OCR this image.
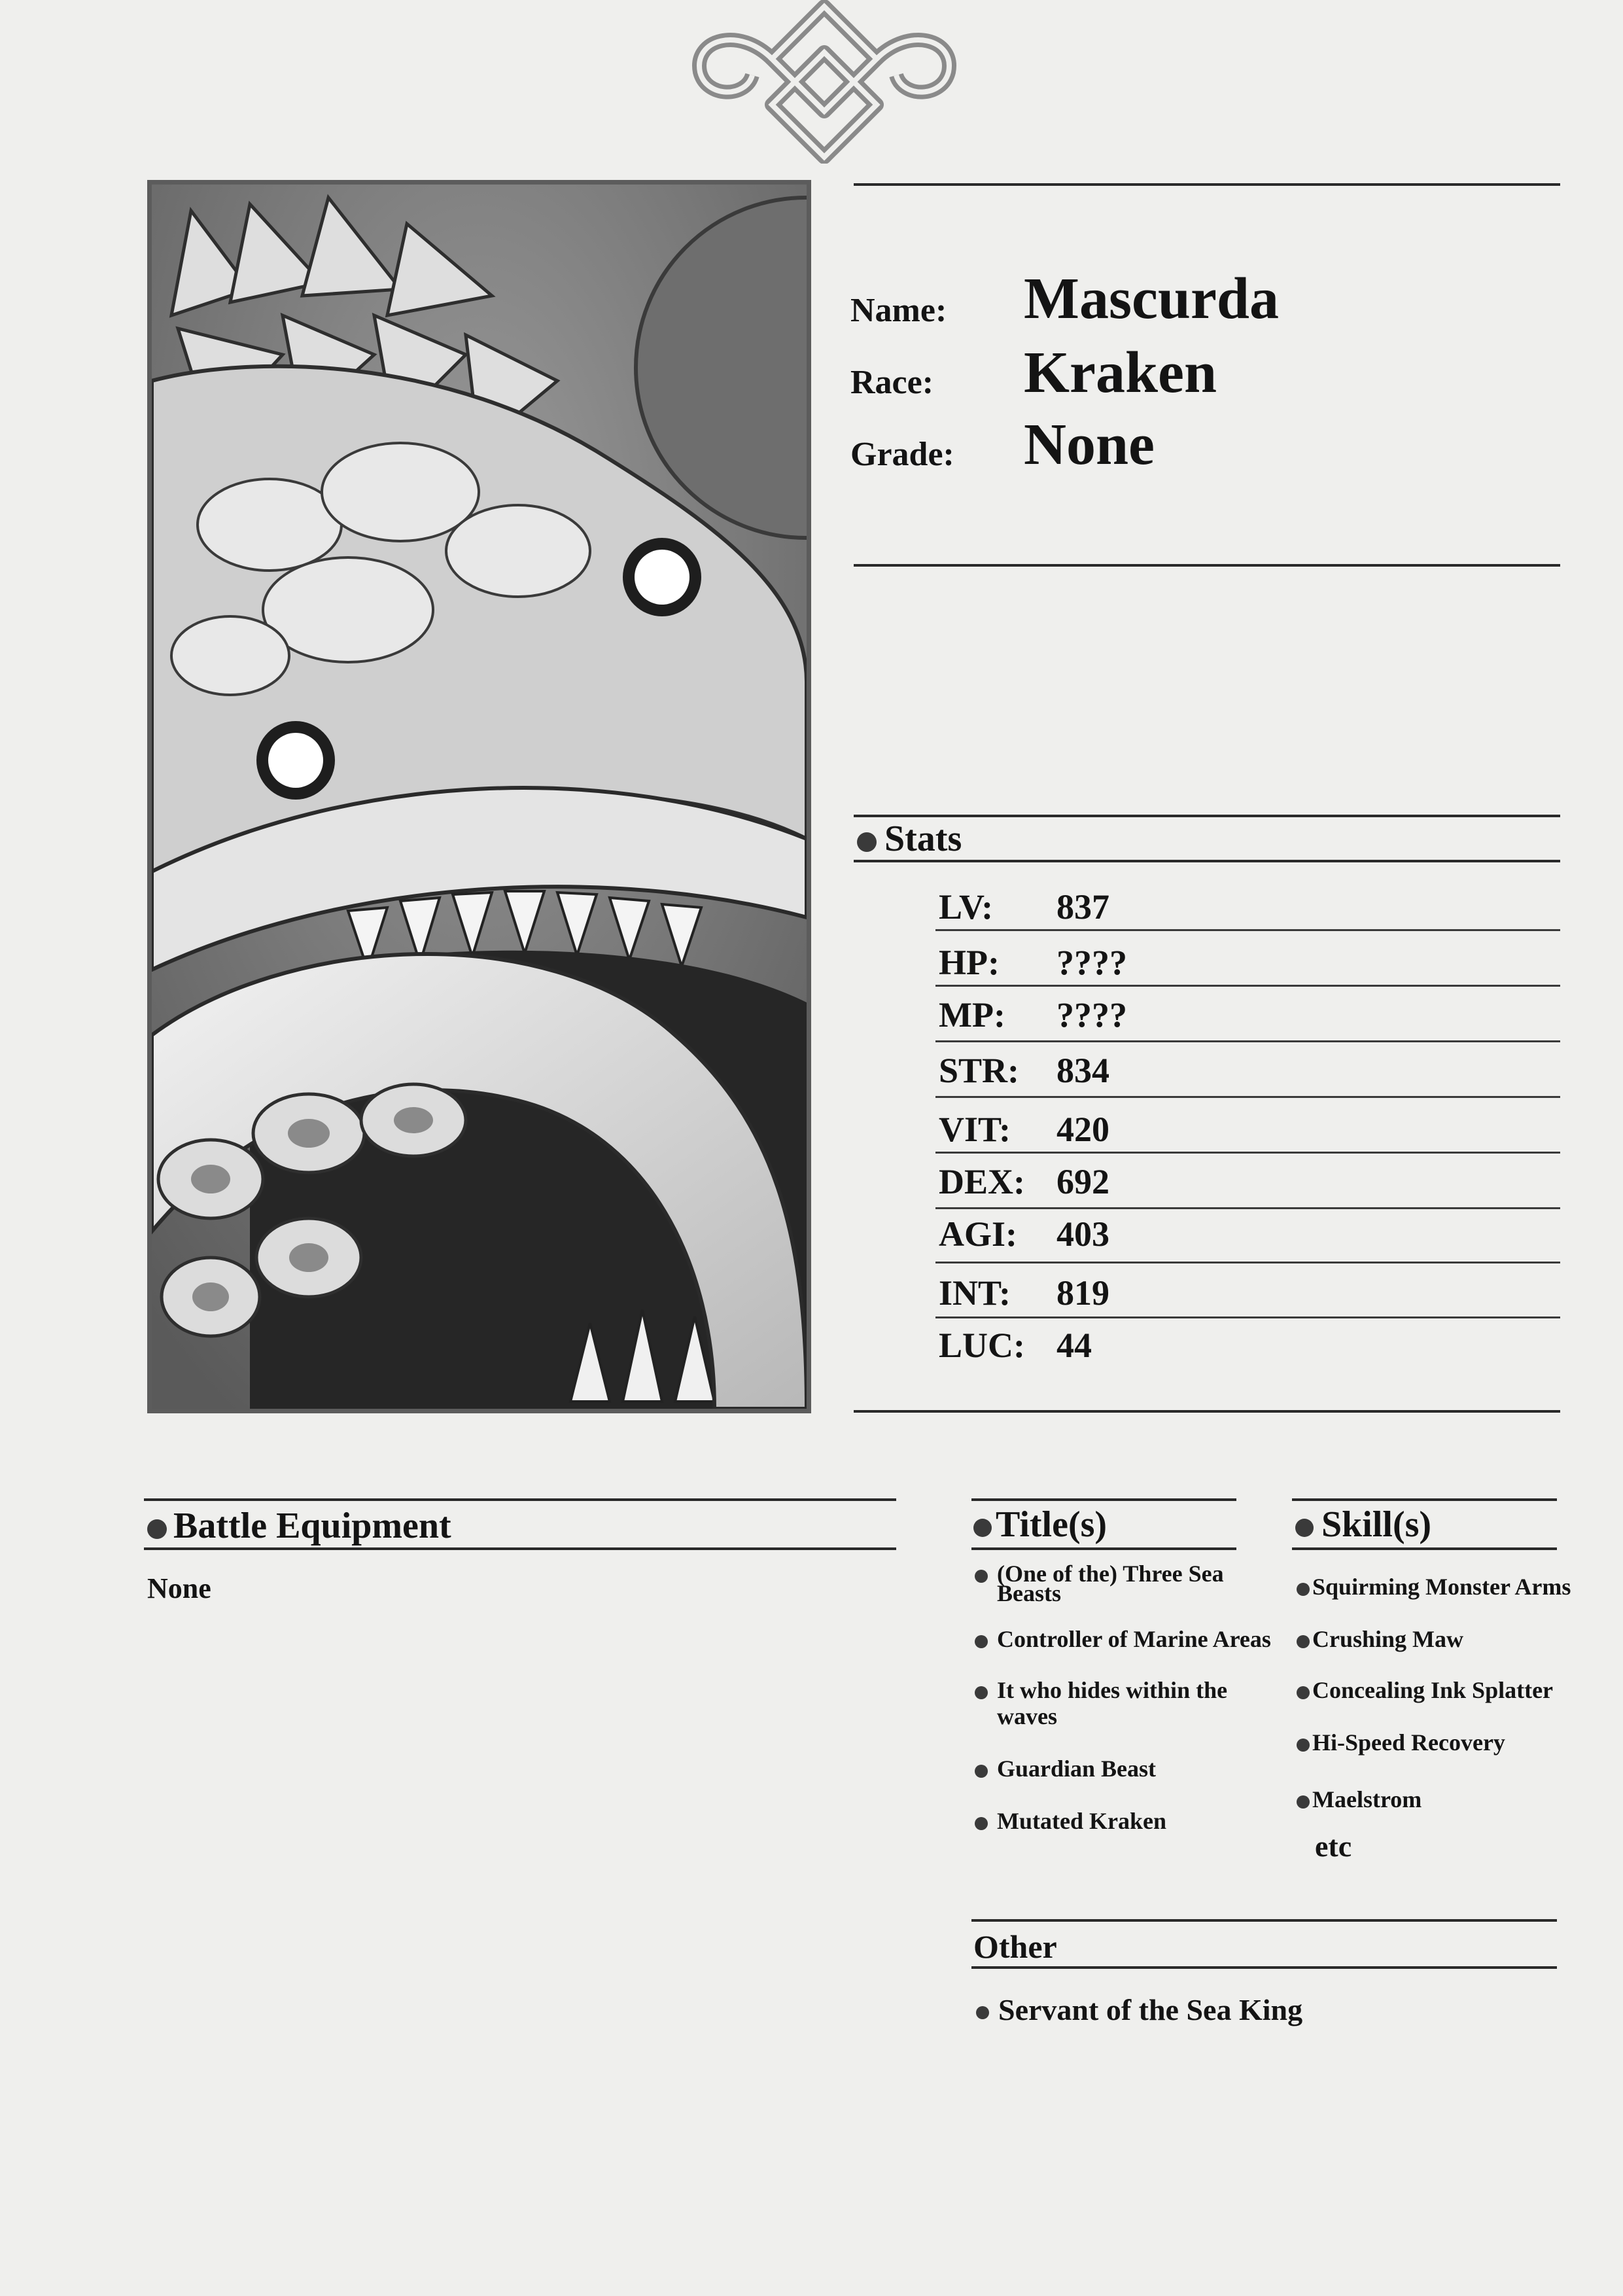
Name: Mascurda
Race: Kraken
Grade: None
Stats
LV: 837
HP: ????
MP: ????
STR: 834
VIT: 420
DEX: 692
AGI: 403
INT: 819
LUC: 44
Battle Equipment
None
Title(s)
(One of the) Three Sea
Beasts
Controller of Marine Areas
It who hides within the
waves
Guardian Beast
Mutated Kraken
Skill(s)
Squirming Monster Arms
Crushing Maw
Concealing Ink Splatter
Hi-Speed Recovery
Maelstrom
etc
Other
Servant of the Sea King
